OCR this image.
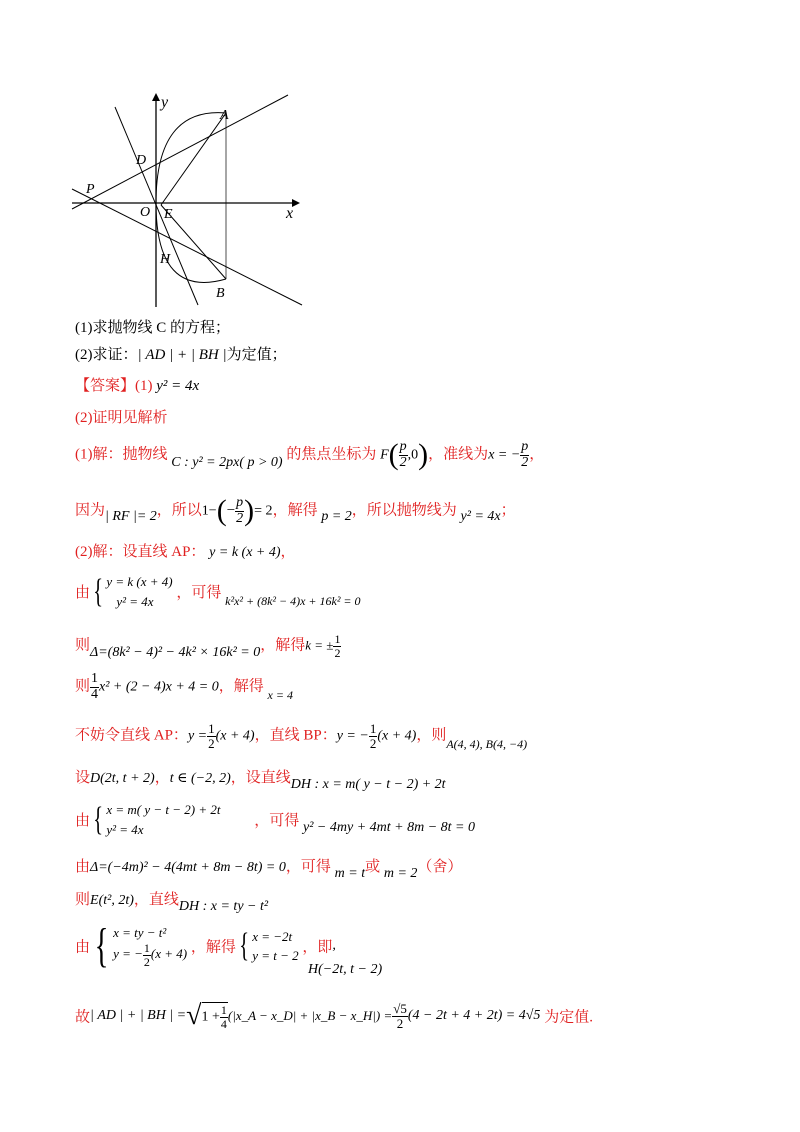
y
x
A
B
D
P
O E
H
(1)求抛物线 C 的方程；
(2)求证：| AD | + | BH |为定值；
【答案】(1) y² = 4x
(2)证明见解析
(1)解：抛物线 C : y² = 2px( p > 0) 的焦点坐标为 $F( \frac{p}{2} ,0)$，准线为x = − $\frac{p}{2}$ ，
因为| RF |= 2，所以$1-(- \frac{p}{2}$ )= 2，解得 p = 2，所以抛物线为 y² = 4x；
(2)解：设直线 AP： y = k (x + 4)，
由{ y = k (x + 4)
y² = 4x	，可得 $_{k^2x^2 + (8k^2 - 4)x + 16k^2 = 0}$
则Δ=(8k² − 4)² − 4k² × 16k² = 0，解得k = ± $\frac{1}{2}$
则 $\frac{1}{4} x^2 + (2 - 4)x + 4 = 0$，解得 $_{x = 4}$
不妨令直线 AP：$y = \frac{1}{2} (x + 4)$，直线 BP：y = − $\frac{1}{2} (x + 4)$，则$_{A(4, 4), B(4, -4)}$
设D(2t, t + 2)，t ∈ (−2, 2)，设直线DH : x = m( y − t − 2) + 2t
由{ x = m( y − t − 2) + 2t
y² = 4x	，可得 y² − 4my + 4mt + 8m − 8t = 0
由Δ=(−4m)² − 4(4mt + 8m − 8t) = 0，可得 m = t或 m = 2（舍）
则E(t², 2t)，直线DH : x = ty − t²
由{ x = ty − t²
y = − $\frac{1}{2} (x + 4)$ ，解得{ x = −2t
y = t − 2 ，即,
H(−2t, t − 2)
故| AD | + | BH | $=√1 + \frac{1}{4}$ (|x_A − x_D| + |x_B − x_H|) = $\frac{√5}{2} (4 - 2t + 4 + 2t) = 4√5$ 为定值.
